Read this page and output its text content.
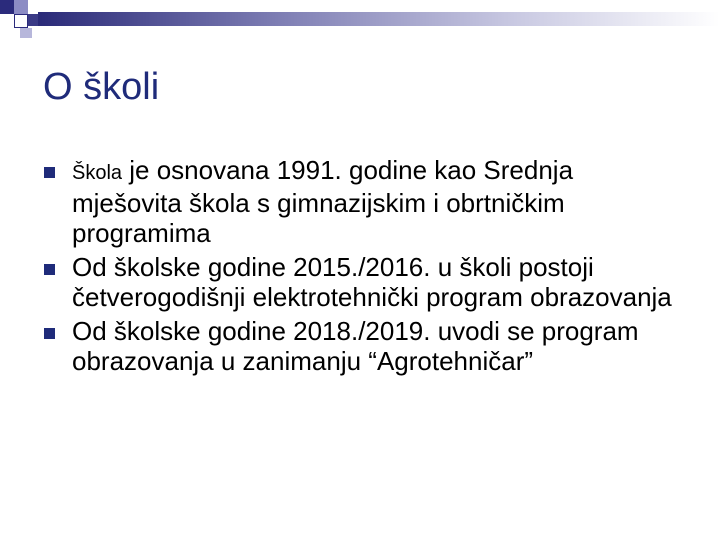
O školi
Škola je osnovana 1991. godine kao Srednja mješovita škola s gimnazijskim i obrtničkim programima
Od školske godine 2015./2016. u školi postoji četverogodišnji elektrotehnički program obrazovanja
Od školske godine 2018./2019. uvodi se program obrazovanja u zanimanju “Agrotehničar”
